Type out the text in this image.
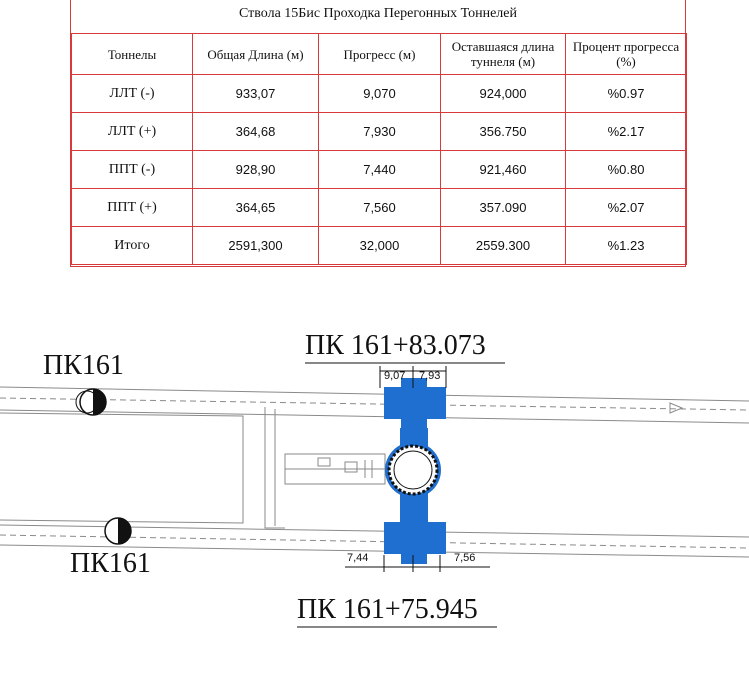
Ствола 15Бис Проходка Перегонных Тоннелей
Тоннелы	Общая Длина (м)	Прогресс (м)	Оставшаяся длина туннеля (м)	Процент прогресса (%)
ЛЛТ (-)	933,07	9,070	924,000	%0.97
ЛЛТ (+)	364,68	7,930	356.750	%2.17
ППТ (-)	928,90	7,440	921,460	%0.80
ППТ (+)	364,65	7,560	357.090	%2.07
Итого	2591,300	32,000	2559.300	%1.23
ПК 161+83.073
ПК 161+75.945
ПК161
ПК161
9,07 7,93
7,44	7,56
